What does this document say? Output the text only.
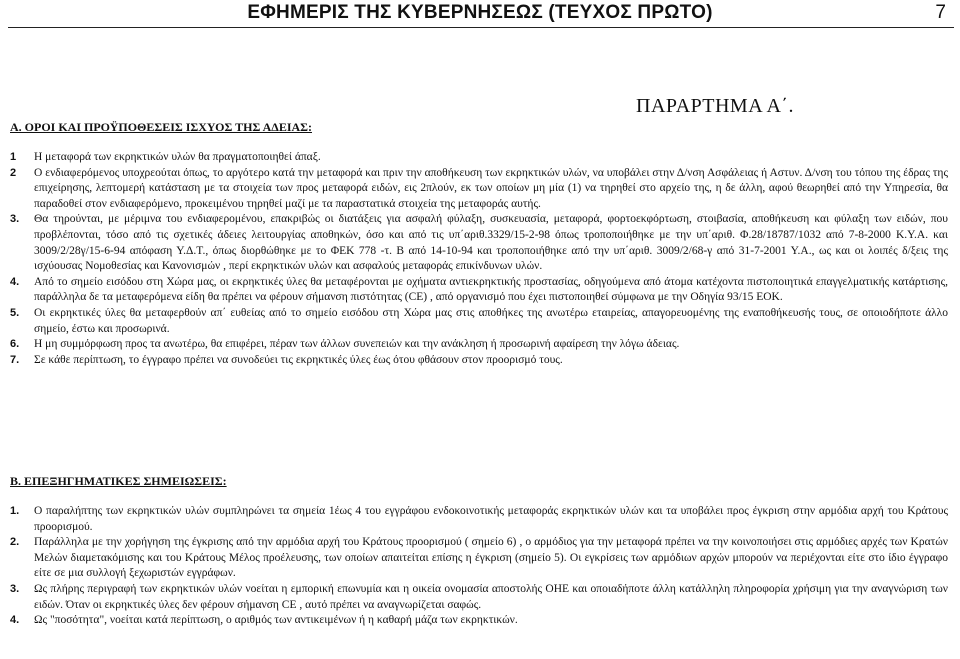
ΕΦΗΜΕΡΙΣ ΤΗΣ ΚΥΒΕΡΝΗΣΕΩΣ (ΤΕΥΧΟΣ ΠΡΩΤΟ)	7
ΠΑΡΑΡΤΗΜΑ Α΄.
Α. ΟΡΟΙ ΚΑΙ ΠΡΟΫΠΟΘΕΣΕΙΣ ΙΣΧΥΟΣ ΤΗΣ ΑΔΕΙΑΣ:
1	Η μεταφορά των εκρηκτικών υλών θα πραγματοποιηθεί άπαξ.
2	Ο ενδιαφερόμενος υποχρεούται όπως, το αργότερο κατά την μεταφορά και πριν την αποθήκευση των εκρηκτικών υλών, να υποβάλει στην Δ/νση Ασφάλειας ή Αστυν. Δ/νση του τόπου της έδρας της επιχείρησης, λεπτομερή κατάσταση με τα στοιχεία των προς μεταφορά ειδών, εις 2πλούν, εκ των οποίων μη μία (1) να τηρηθεί στο αρχείο της, η δε άλλη, αφού θεωρηθεί από την Υπηρεσία, θα παραδοθεί στον ενδιαφερόμενο, προκειμένου τηρηθεί μαζί με τα παραστατικά στοιχεία της μεταφοράς αυτής.
3.	Θα τηρούνται, με μέριμνα του ενδιαφερομένου, επακριβώς οι διατάξεις για ασφαλή φύλαξη, συσκευασία, μεταφορά, φορτοεκφόρτωση, στοιβασία, αποθήκευση και φύλαξη των ειδών, που προβλέπονται, τόσο από τις σχετικές άδειες λειτουργίας αποθηκών, όσο και από τις υπ΄αριθ.3329/15-2-98 όπως τροποποιήθηκε με την υπ΄αριθ. Φ.28/18787/1032 από 7-8-2000 Κ.Υ.Α. και 3009/2/28γ/15-6-94 απόφαση Υ.Δ.Τ., όπως διορθώθηκε με το ΦΕΚ 778 -τ. Β από 14-10-94 και τροποποιήθηκε από την υπ΄αριθ. 3009/2/68-γ από 31-7-2001 Υ.Α., ως και οι λοιπές δ/ξεις της ισχύουσας Νομοθεσίας και Κανονισμών , περί εκρηκτικών υλών και ασφαλούς μεταφοράς επικίνδυνων υλών.
4.	Από το σημείο εισόδου στη Χώρα μας, οι εκρηκτικές ύλες θα μεταφέρονται με οχήματα αντιεκρηκτικής προστασίας, οδηγούμενα από άτομα κατέχοντα πιστοποιητικά επαγγελματικής κατάρτισης, παράλληλα δε τα μεταφερόμενα είδη θα πρέπει να φέρουν σήμανση πιστότητας (CE) , από οργανισμό που έχει πιστοποιηθεί σύμφωνα με την Οδηγία 93/15 ΕΟΚ.
5.	Οι εκρηκτικές ύλες θα μεταφερθούν απ΄ ευθείας από το σημείο εισόδου στη Χώρα μας στις αποθήκες της ανωτέρω εταιρείας, απαγορευομένης της εναποθήκευσής τους, σε οποιοδήποτε άλλο σημείο, έστω και προσωρινά.
6.	Η μη συμμόρφωση προς τα ανωτέρω, θα επιφέρει, πέραν των άλλων συνεπειών και την ανάκληση ή προσωρινή αφαίρεση την λόγω άδειας.
7.	Σε κάθε περίπτωση, το έγγραφο πρέπει να συνοδεύει τις εκρηκτικές ύλες έως ότου φθάσουν στον προορισμό τους.
Β. ΕΠΕΞΗΓΗΜΑΤΙΚΕΣ ΣΗΜΕΙΩΣΕΙΣ:
1.	Ο παραλήπτης των εκρηκτικών υλών συμπληρώνει τα σημεία 1έως 4 του εγγράφου ενδοκοινοτικής μεταφοράς εκρηκτικών υλών και τα υποβάλει προς έγκριση στην αρμόδια αρχή του Κράτους προορισμού.
2.	Παράλληλα με την χορήγηση της έγκρισης από την αρμόδια αρχή του Κράτους προορισμού ( σημείο 6) , ο αρμόδιος για την μεταφορά πρέπει να την κοινοποιήσει στις αρμόδιες αρχές των Κρατών Μελών διαμετακόμισης και του Κράτους Μέλος προέλευσης, των οποίων απαιτείται επίσης η έγκριση (σημείο 5). Οι εγκρίσεις των αρμόδιων αρχών μπορούν να περιέχονται είτε στο ίδιο έγγραφο είτε σε μια συλλογή ξεχωριστών εγγράφων.
3.	Ως πλήρης περιγραφή των εκρηκτικών υλών νοείται η εμπορική επωνυμία και η οικεία ονομασία αποστολής ΟΗΕ και οποιαδήποτε άλλη κατάλληλη πληροφορία χρήσιμη για την αναγνώριση των ειδών. Όταν οι εκρηκτικές ύλες δεν φέρουν σήμανση CE , αυτό πρέπει να αναγνωρίζεται σαφώς.
4.	Ως "ποσότητα", νοείται κατά περίπτωση, ο αριθμός των αντικειμένων ή η καθαρή μάζα των εκρηκτικών.
